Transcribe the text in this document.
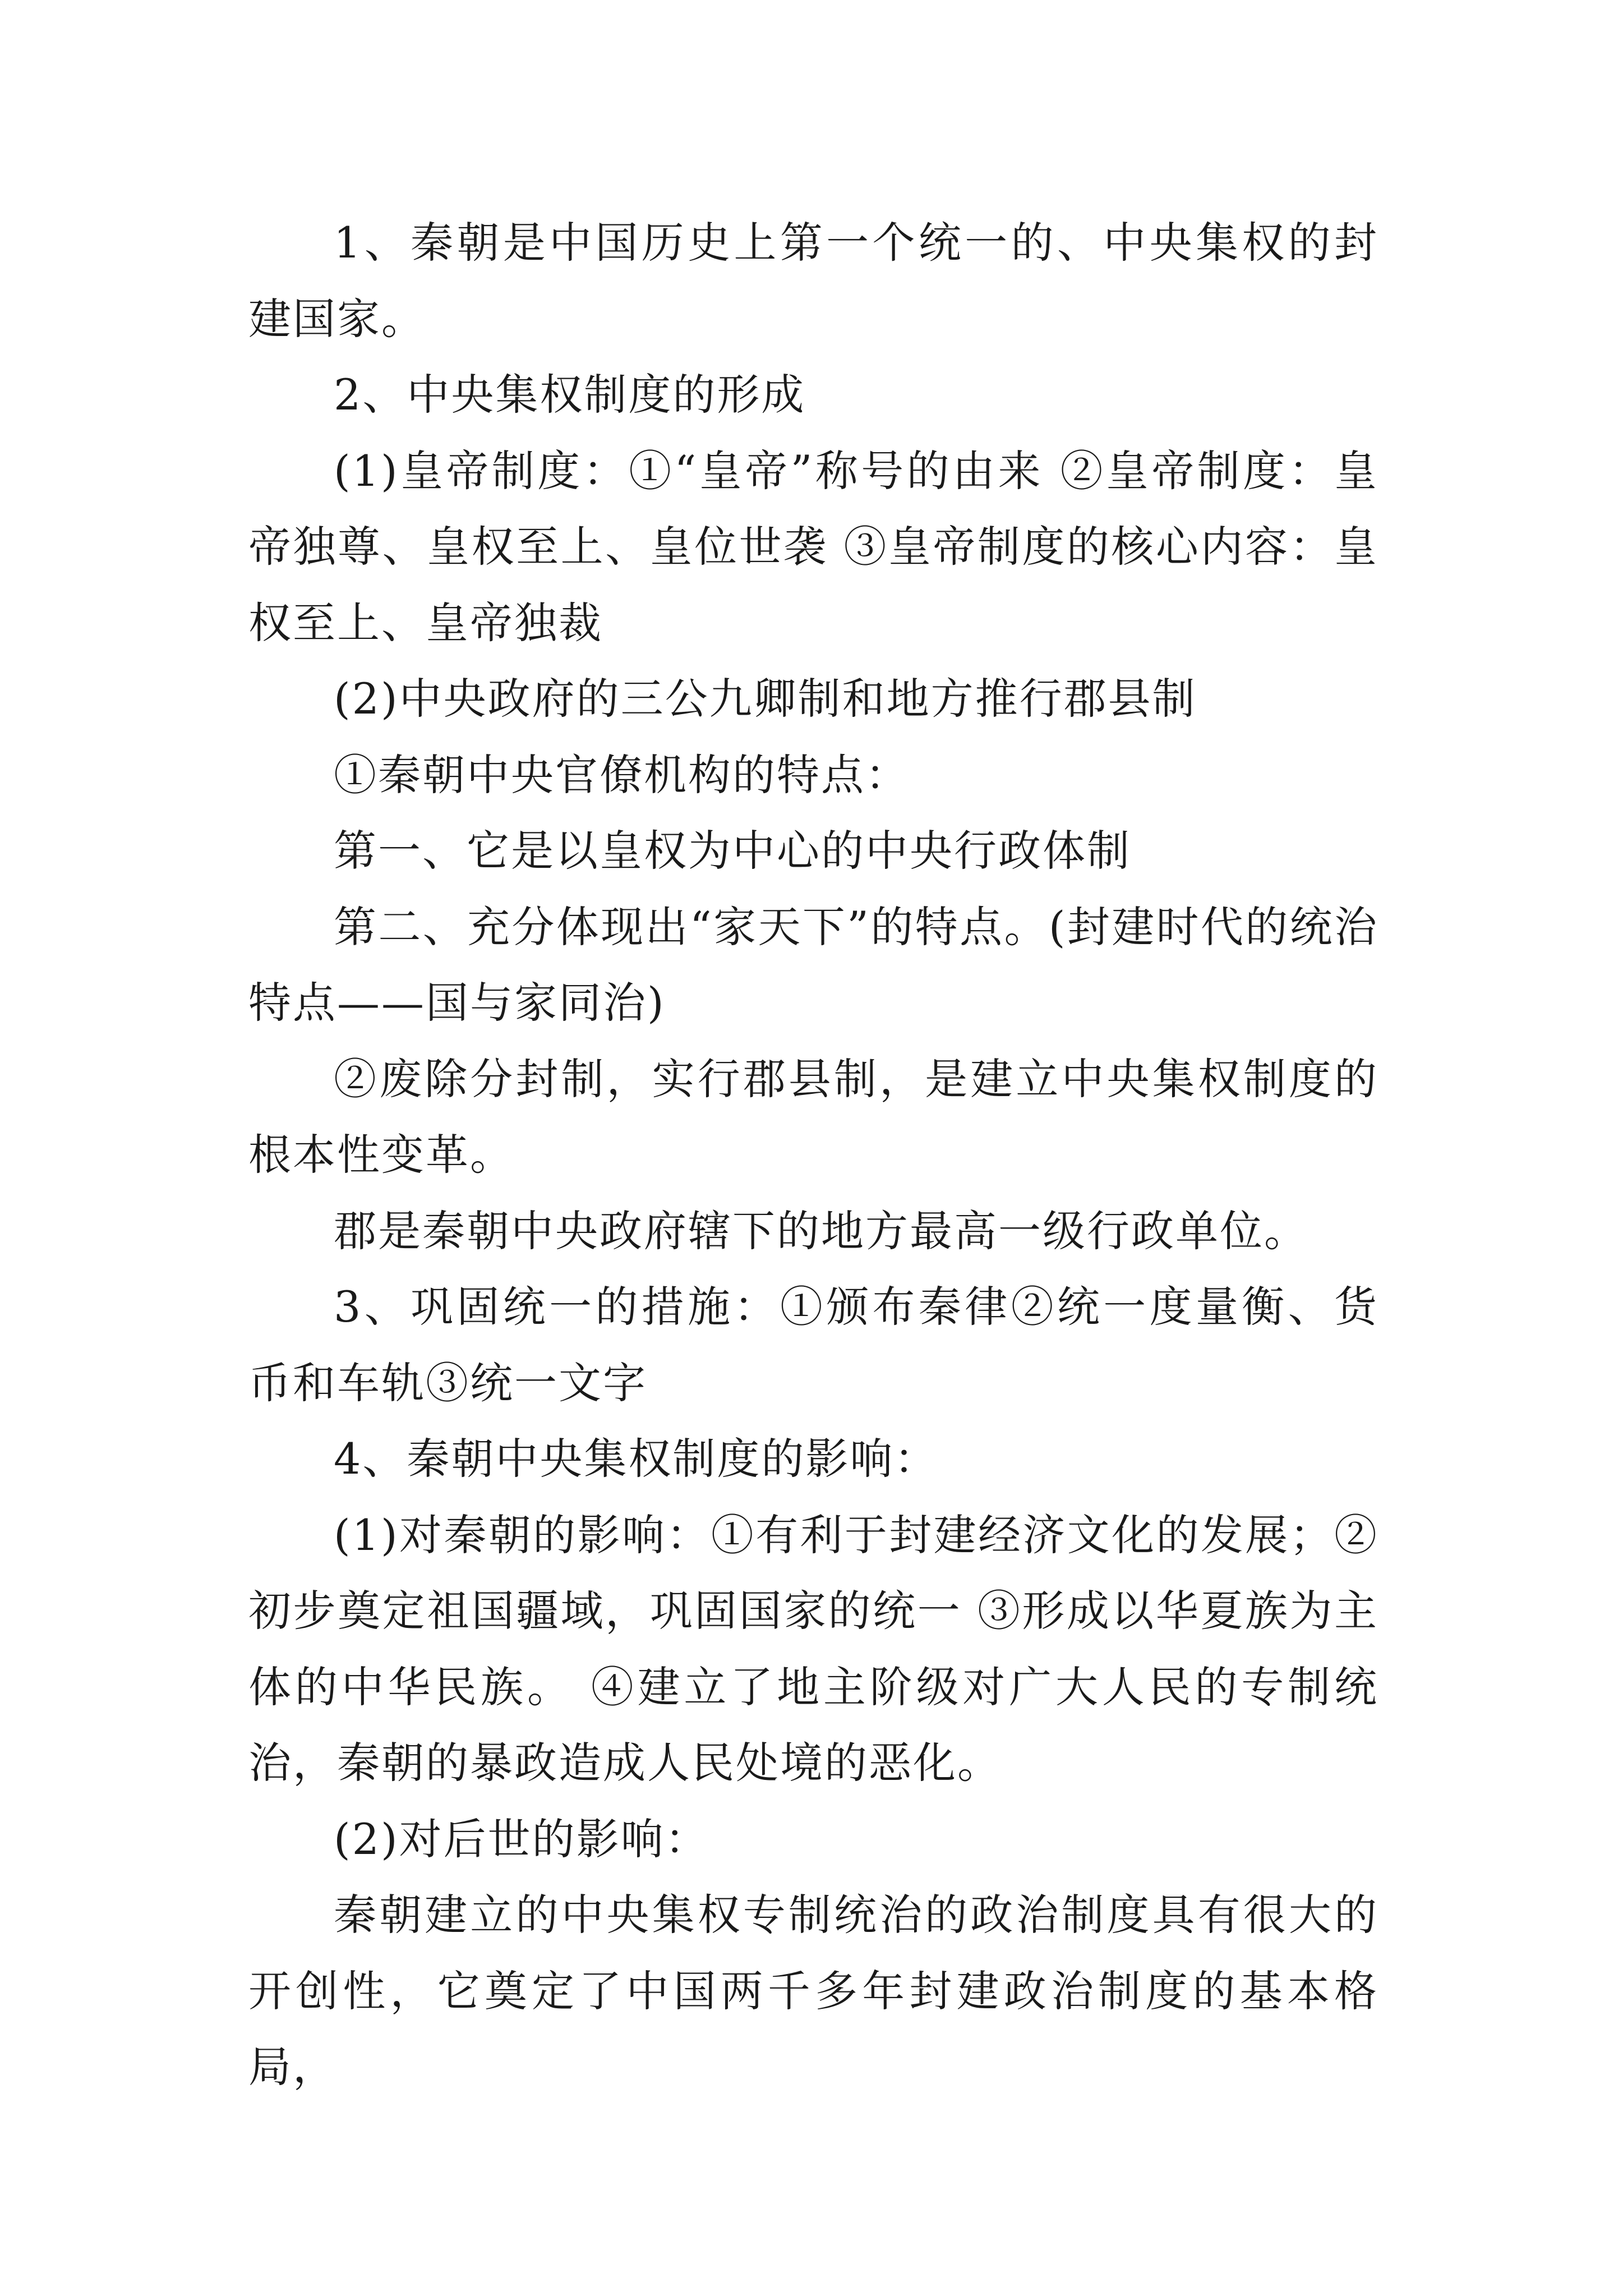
1、秦朝是中国历史上第一个统一的、中央集权的封建国家。

2、中央集权制度的形成

(1)皇帝制度：①“皇帝”称号的由来 ②皇帝制度：皇帝独尊、皇权至上、皇位世袭 ③皇帝制度的核心内容：皇权至上、皇帝独裁

(2)中央政府的三公九卿制和地方推行郡县制

①秦朝中央官僚机构的特点：

第一、它是以皇权为中心的中央行政体制

第二、充分体现出“家天下”的特点。(封建时代的统治特点——国与家同治)

②废除分封制，实行郡县制，是建立中央集权制度的根本性变革。

郡是秦朝中央政府辖下的地方最高一级行政单位。

3、巩固统一的措施：①颁布秦律②统一度量衡、货币和车轨③统一文字

4、秦朝中央集权制度的影响：

(1)对秦朝的影响：①有利于封建经济文化的发展；②初步奠定祖国疆域，巩固国家的统一 ③形成以华夏族为主体的中华民族。 ④建立了地主阶级对广大人民的专制统治，秦朝的暴政造成人民处境的恶化。

(2)对后世的影响：

秦朝建立的中央集权专制统治的政治制度具有很大的开创性，它奠定了中国两千多年封建政治制度的基本格局，
